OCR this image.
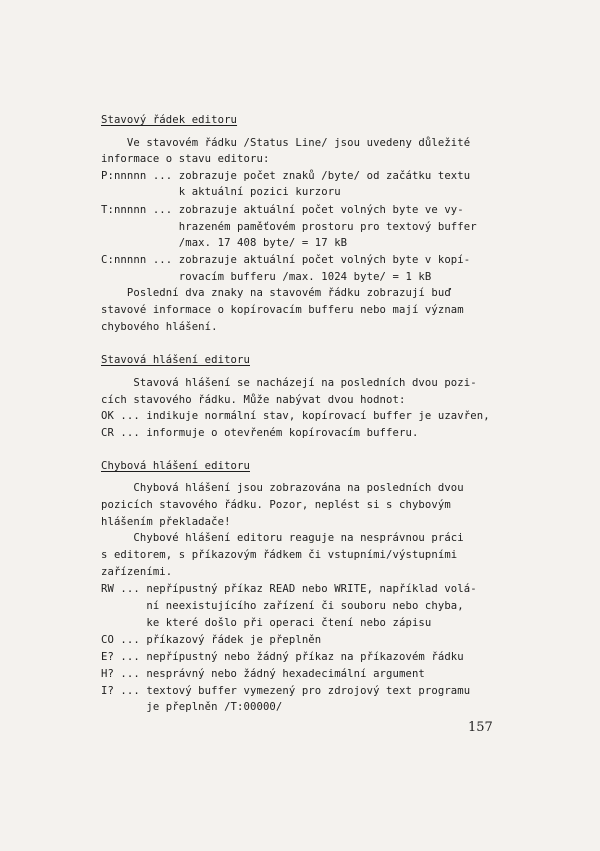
Stavový řádek editoru
Ve stavovém řádku /Status Line/ jsou uvedeny důležité
informace o stavu editoru:
P:nnnnn ... zobrazuje počet znaků /byte/ od začátku textu
k aktuální pozici kurzoru
T:nnnnn ... zobrazuje aktuální počet volných byte ve vy-
hrazeném paměťovém prostoru pro textový buffer
/max. 17 408 byte/ = 17 kB
C:nnnnn ... zobrazuje aktuální počet volných byte v kopí-
rovacím bufferu /max. 1024 byte/ = 1 kB
Poslední dva znaky na stavovém řádku zobrazují buď
stavové informace o kopírovacím bufferu nebo mají význam
chybového hlášení.
Stavová hlášení editoru
Stavová hlášení se nacházejí na posledních dvou pozi-
cích stavového řádku. Může nabývat dvou hodnot:
OK ... indikuje normální stav, kopírovací buffer je uzavřen,
CR ... informuje o otevřeném kopírovacím bufferu.
Chybová hlášení editoru
Chybová hlášení jsou zobrazována na posledních dvou
pozicích stavového řádku. Pozor, neplést si s chybovým
hlášením překladače!
Chybové hlášení editoru reaguje na nesprávnou práci
s editorem, s příkazovým řádkem či vstupními/výstupními
zařízeními.
RW ... nepřípustný příkaz READ nebo WRITE, například volá-
ní neexistujícího zařízení či souboru nebo chyba,
ke které došlo při operaci čtení nebo zápisu
CO ... příkazový řádek je přeplněn
E? ... nepřípustný nebo žádný příkaz na příkazovém řádku
H? ... nesprávný nebo žádný hexadecimální argument
I? ... textový buffer vymezený pro zdrojový text programu
je přeplněn /T:00000/
157
